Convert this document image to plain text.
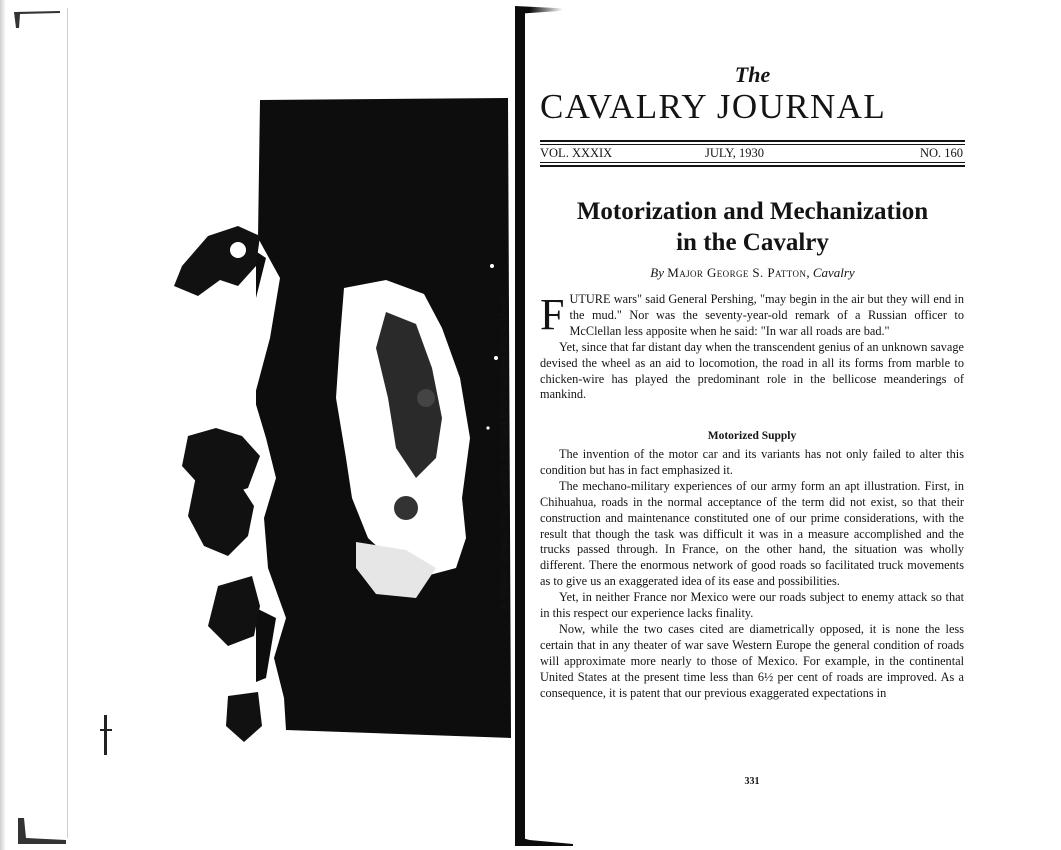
The
CAVALRY JOURNAL
VOL. XXXIX	JULY, 1930	NO. 160
Motorization and Mechanization
in the Cavalry
By Major George S. Patton, Cavalry

FUTURE wars" said General Pershing, "may begin in the air but they will end in the mud." Nor was the seventy-year-old remark of a Russian officer to McClellan less apposite when he said: "In war all roads are bad."

Yet, since that far distant day when the transcendent genius of an unknown savage devised the wheel as an aid to locomotion, the road in all its forms from marble to chicken-wire has played the predominant role in the bellicose meanderings of mankind.

Motorized Supply

The invention of the motor car and its variants has not only failed to alter this condition but has in fact emphasized it.

The mechano-military experiences of our army form an apt illustration. First, in Chihuahua, roads in the normal acceptance of the term did not exist, so that their construction and maintenance constituted one of our prime considerations, with the result that though the task was difficult it was in a measure accomplished and the trucks passed through. In France, on the other hand, the situation was wholly different. There the enormous network of good roads so facilitated truck movements as to give us an exaggerated idea of its ease and possibilities.

Yet, in neither France nor Mexico were our roads subject to enemy attack so that in this respect our experience lacks finality.

Now, while the two cases cited are diametrically opposed, it is none the less certain that in any theater of war save Western Europe the general condition of roads will approximate more nearly to those of Mexico. For example, in the continental United States at the present time less than 6½ per cent of roads are improved. As a consequence, it is patent that our previous exaggerated expectations in

331
